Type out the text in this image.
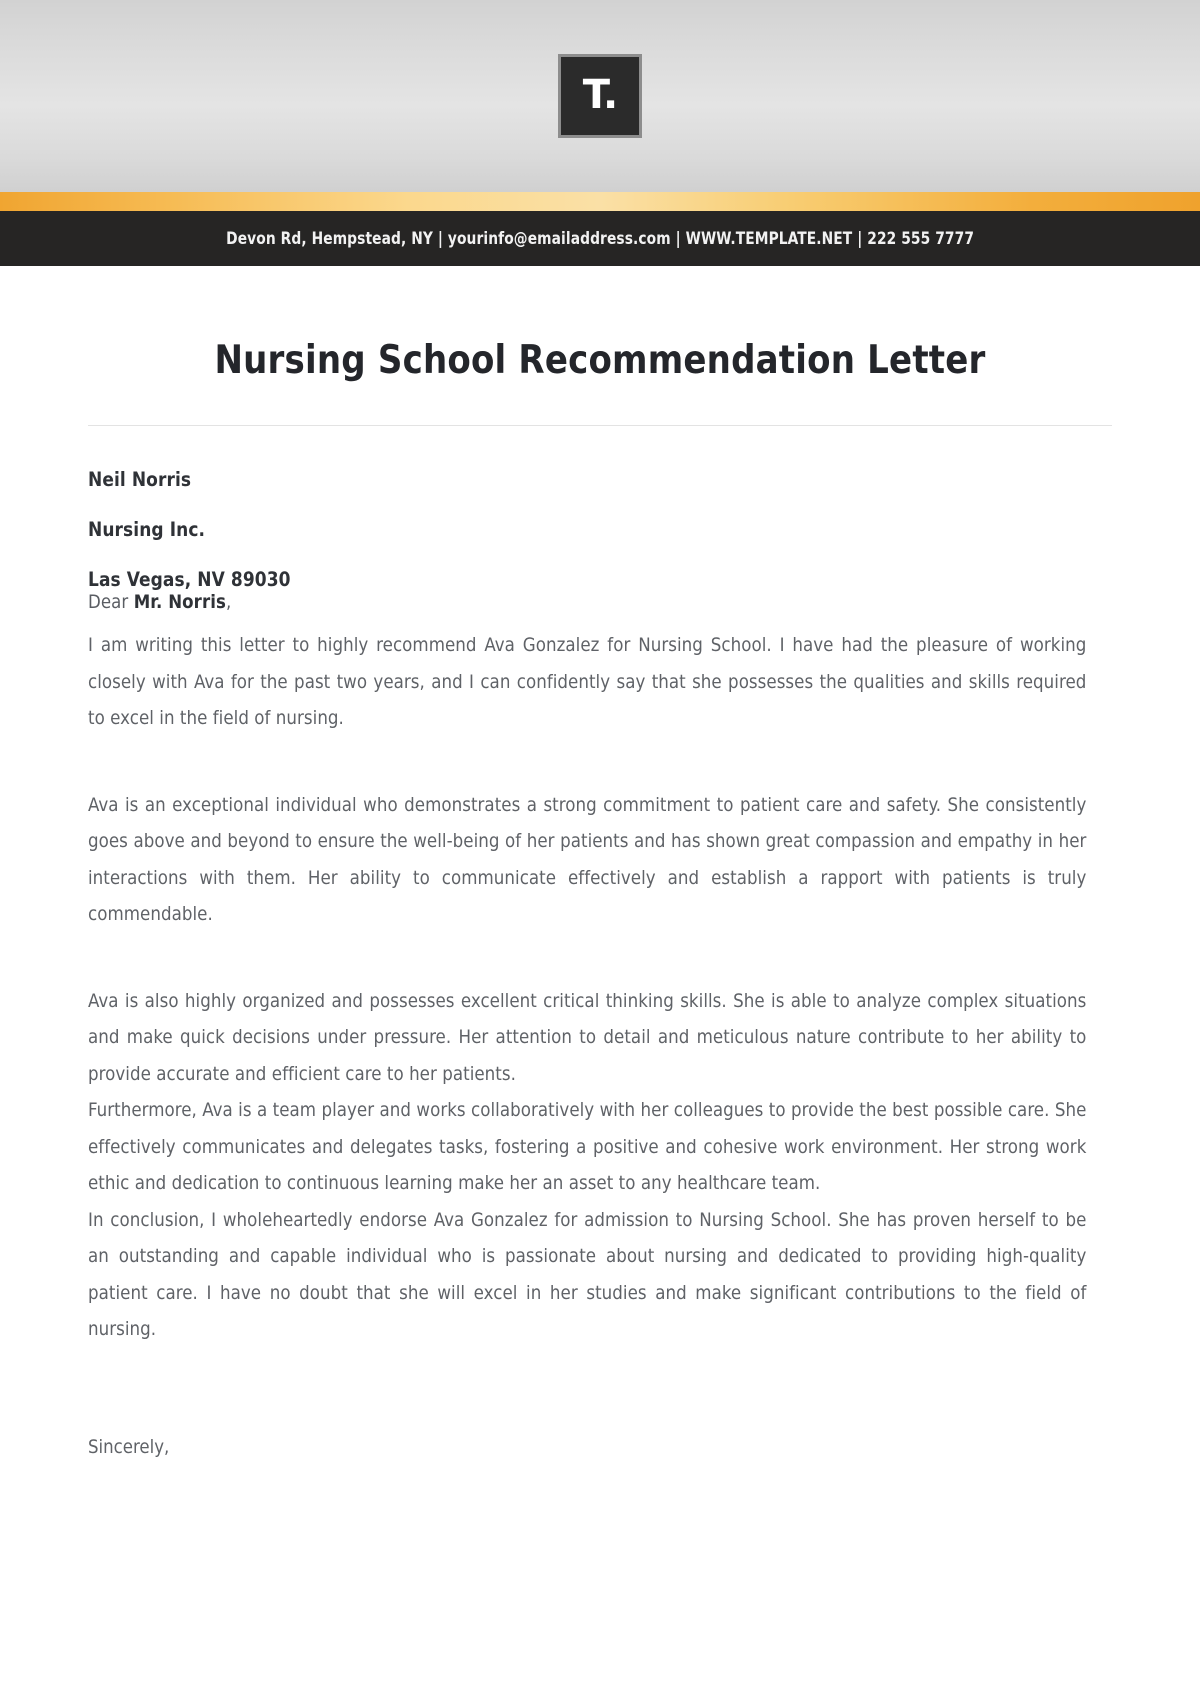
T.
Devon Rd, Hempstead, NY | yourinfo@emailaddress.com | WWW.TEMPLATE.NET | 222 555 7777
Nursing School Recommendation Letter
Neil Norris
Nursing Inc.
Las Vegas, NV 89030
Dear Mr. Norris,

I am writing this letter to highly recommend Ava Gonzalez for Nursing School. I have had the pleasure of working closely with Ava for the past two years, and I can confidently say that she possesses the qualities and skills required to excel in the field of nursing.

Ava is an exceptional individual who demonstrates a strong commitment to patient care and safety. She consistently goes above and beyond to ensure the well-being of her patients and has shown great compassion and empathy in her interactions with them. Her ability to communicate effectively and establish a rapport with patients is truly commendable.

Ava is also highly organized and possesses excellent critical thinking skills. She is able to analyze complex situations and make quick decisions under pressure. Her attention to detail and meticulous nature contribute to her ability to provide accurate and efficient care to her patients.

Furthermore, Ava is a team player and works collaboratively with her colleagues to provide the best possible care. She effectively communicates and delegates tasks, fostering a positive and cohesive work environment. Her strong work ethic and dedication to continuous learning make her an asset to any healthcare team.

In conclusion, I wholeheartedly endorse Ava Gonzalez for admission to Nursing School. She has proven herself to be an outstanding and capable individual who is passionate about nursing and dedicated to providing high-quality patient care. I have no doubt that she will excel in her studies and make significant contributions to the field of nursing.

Sincerely,
